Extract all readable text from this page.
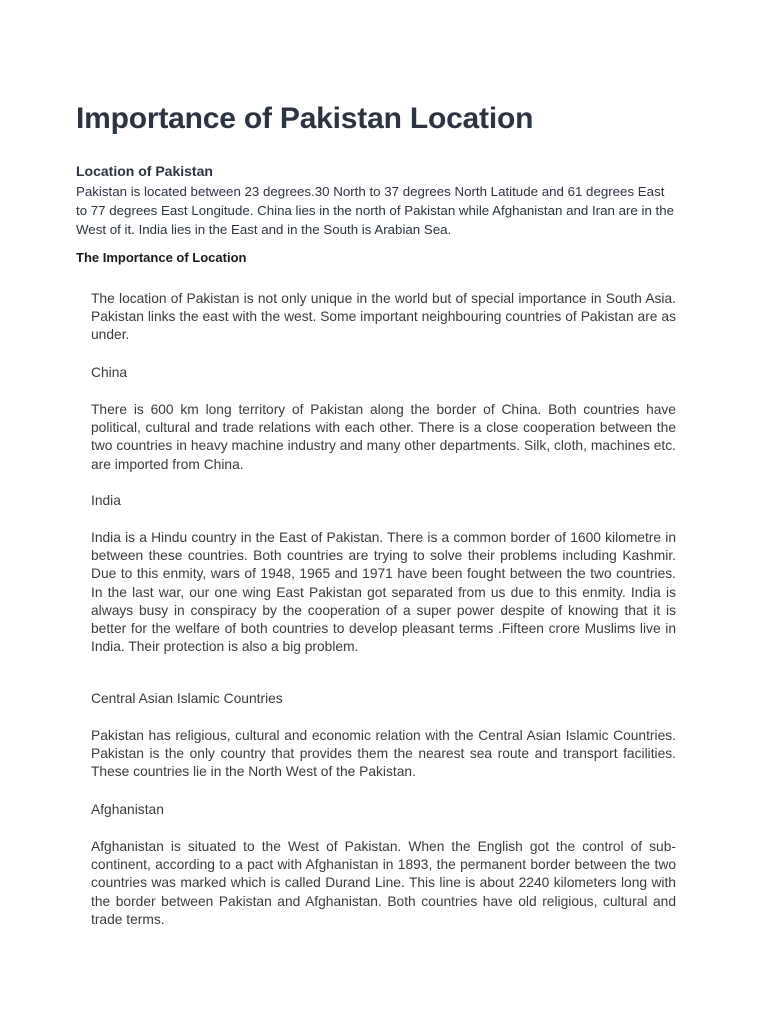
Importance of Pakistan Location
Location of Pakistan

Pakistan is located between 23 degrees.30 North to 37 degrees North Latitude and 61 degrees East to 77 degrees East Longitude. China lies in the north of Pakistan while Afghanistan and Iran are in the West of it. India lies in the East and in the South is Arabian Sea.

The Importance of Location

The location of Pakistan is not only unique in the world but of special importance in South Asia. Pakistan links the east with the west. Some important neighbouring countries of Pakistan are as under.

China

There is 600 km long territory of Pakistan along the border of China. Both countries have political, cultural and trade relations with each other. There is a close cooperation between the two countries in heavy machine industry and many other departments. Silk, cloth, machines etc. are imported from China.

India

India is a Hindu country in the East of Pakistan. There is a common border of 1600 kilometre in between these countries. Both countries are trying to solve their problems including Kashmir. Due to this enmity, wars of 1948, 1965 and 1971 have been fought between the two countries. In the last war, our one wing East Pakistan got separated from us due to this enmity. India is always busy in conspiracy by the cooperation of a super power despite of knowing that it is better for the welfare of both countries to develop pleasant terms .Fifteen crore Muslims live in India. Their protection is also a big problem.

Central Asian Islamic Countries

Pakistan has religious, cultural and economic relation with the Central Asian Islamic Countries. Pakistan is the only country that provides them the nearest sea route and transport facilities. These countries lie in the North West of the Pakistan.

Afghanistan

Afghanistan is situated to the West of Pakistan. When the English got the control of sub-continent, according to a pact with Afghanistan in 1893, the permanent border between the two countries was marked which is called Durand Line. This line is about 2240 kilometers long with the border between Pakistan and Afghanistan. Both countries have old religious, cultural and trade terms.
